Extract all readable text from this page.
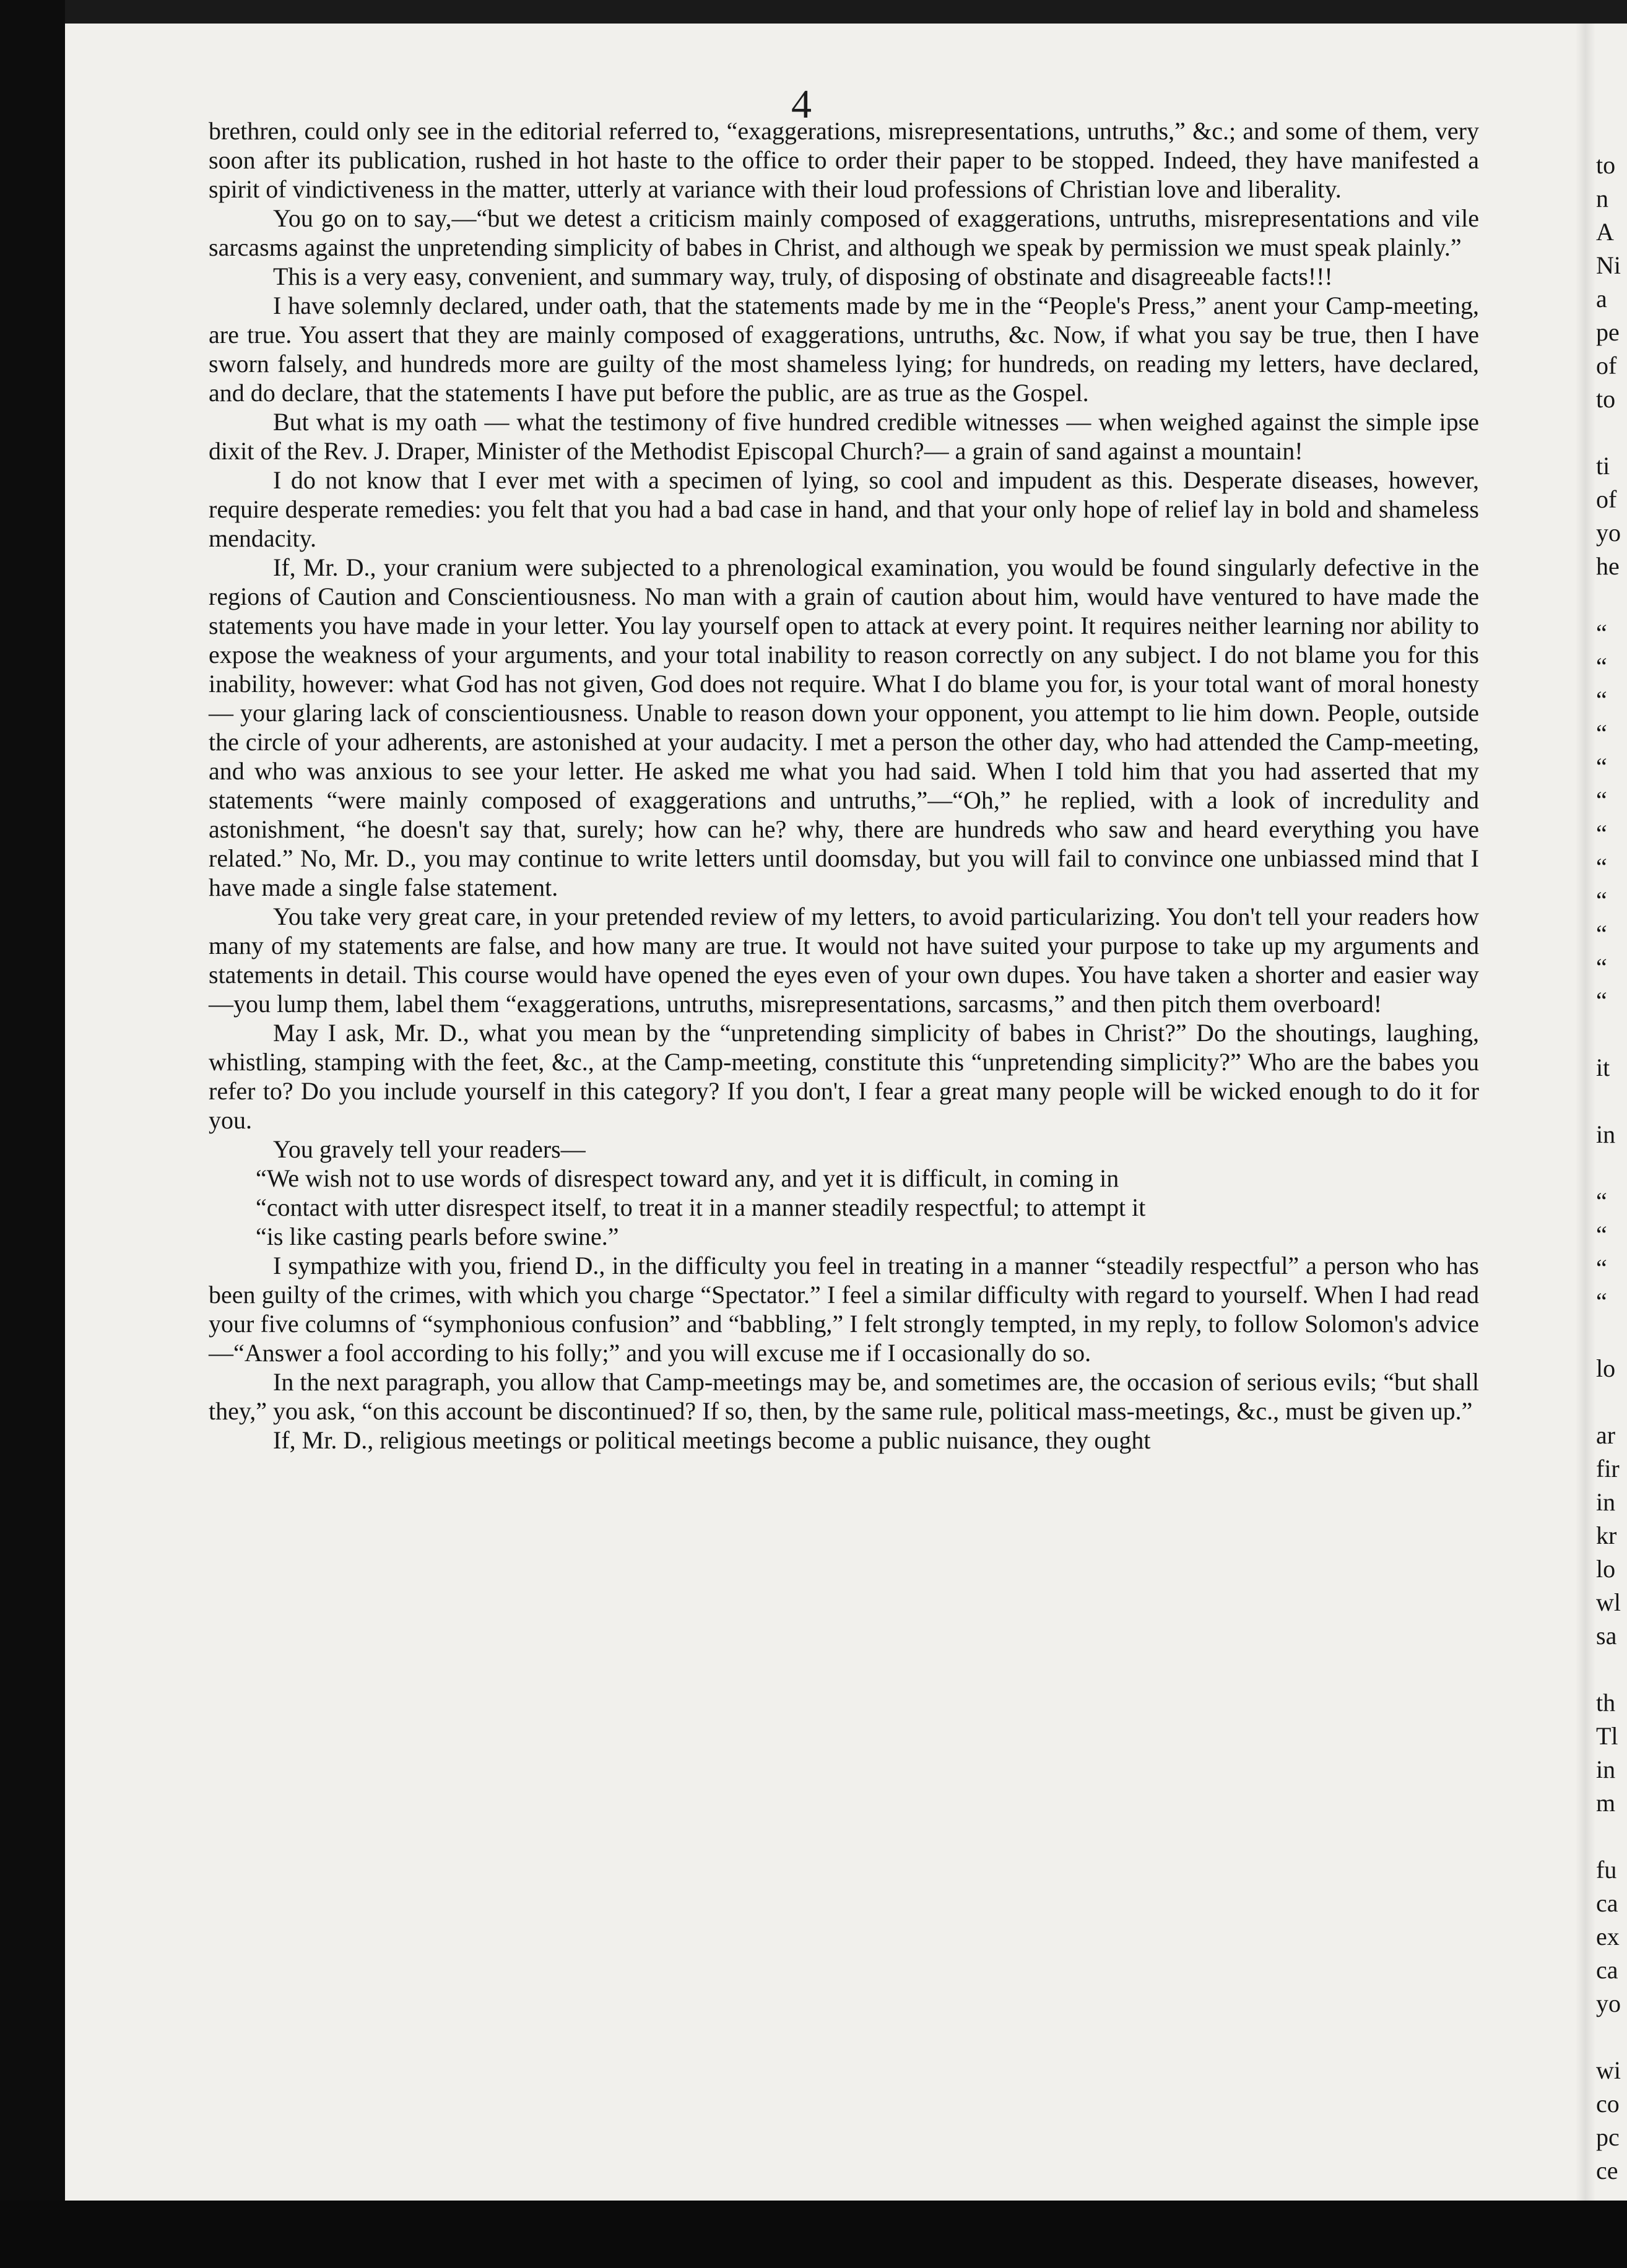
4

brethren, could only see in the editorial referred to, “exaggerations, misrepresentations, untruths,” &c.; and some of them, very soon after its publication, rushed in hot haste to the office to order their paper to be stopped. Indeed, they have manifested a spirit of vindictiveness in the matter, utterly at variance with their loud professions of Christian love and liberality.

You go on to say,—“but we detest a criticism mainly composed of exaggerations, untruths, misrepresentations and vile sarcasms against the unpretending simplicity of babes in Christ, and although we speak by permission we must speak plainly.”

This is a very easy, convenient, and summary way, truly, of disposing of obstinate and disagreeable facts!!!

I have solemnly declared, under oath, that the statements made by me in the “People's Press,” anent your Camp-meeting, are true. You assert that they are mainly composed of exaggerations, untruths, &c. Now, if what you say be true, then I have sworn falsely, and hundreds more are guilty of the most shameless lying; for hundreds, on reading my letters, have declared, and do declare, that the statements I have put before the public, are as true as the Gospel.

But what is my oath — what the testimony of five hundred credible witnesses — when weighed against the simple ipse dixit of the Rev. J. Draper, Minister of the Methodist Episcopal Church?— a grain of sand against a mountain!

I do not know that I ever met with a specimen of lying, so cool and impudent as this. Desperate diseases, however, require desperate remedies: you felt that you had a bad case in hand, and that your only hope of relief lay in bold and shameless mendacity.

If, Mr. D., your cranium were subjected to a phrenological examination, you would be found singularly defective in the regions of Caution and Conscientiousness. No man with a grain of caution about him, would have ventured to have made the statements you have made in your letter. You lay yourself open to attack at every point. It requires neither learning nor ability to expose the weakness of your arguments, and your total inability to reason correctly on any subject. I do not blame you for this inability, however: what God has not given, God does not require. What I do blame you for, is your total want of moral honesty— your glaring lack of conscientiousness. Unable to reason down your opponent, you attempt to lie him down. People, outside the circle of your adherents, are astonished at your audacity. I met a person the other day, who had attended the Camp-meeting, and who was anxious to see your letter. He asked me what you had said. When I told him that you had asserted that my statements “were mainly composed of exaggerations and untruths,”—“Oh,” he replied, with a look of incredulity and astonishment, “he doesn't say that, surely; how can he? why, there are hundreds who saw and heard everything you have related.” No, Mr. D., you may continue to write letters until doomsday, but you will fail to convince one unbiassed mind that I have made a single false statement.

You take very great care, in your pretended review of my letters, to avoid particularizing. You don't tell your readers how many of my statements are false, and how many are true. It would not have suited your purpose to take up my arguments and statements in detail. This course would have opened the eyes even of your own dupes. You have taken a shorter and easier way—you lump them, label them “exaggerations, untruths, misrepresentations, sarcasms,” and then pitch them overboard!

May I ask, Mr. D., what you mean by the “unpretending simplicity of babes in Christ?” Do the shoutings, laughing, whistling, stamping with the feet, &c., at the Camp-meeting, constitute this “unpretending simplicity?” Who are the babes you refer to? Do you include yourself in this category? If you don't, I fear a great many people will be wicked enough to do it for you.

You gravely tell your readers—

“We wish not to use words of disrespect toward any, and yet it is difficult, in coming in
“contact with utter disrespect itself, to treat it in a manner steadily respectful; to attempt it
“is like casting pearls before swine.”

I sympathize with you, friend D., in the difficulty you feel in treating in a manner “steadily respectful” a person who has been guilty of the crimes, with which you charge “Spectator.” I feel a similar difficulty with regard to yourself. When I had read your five columns of “symphonious confusion” and “babbling,” I felt strongly tempted, in my reply, to follow Solomon's advice—“Answer a fool according to his folly;” and you will excuse me if I occasionally do so.

In the next paragraph, you allow that Camp-meetings may be, and sometimes are, the occasion of serious evils; “but shall they,” you ask, “on this account be discontinued? If so, then, by the same rule, political mass-meetings, &c., must be given up.”

If, Mr. D., religious meetings or political meetings become a public nuisance, they ought

to
n
A
Ni
a
pe
of
to
ti
of
yo
he
“
“
“
“
“
“
“
“
“
“
“
“
it
in
“
“
“
“
lo
ar
fir
in
kr
lo
wl
sa
th
Tl
in
m
fu
ca
ex
ca
yo
wi
co
pc
ce
